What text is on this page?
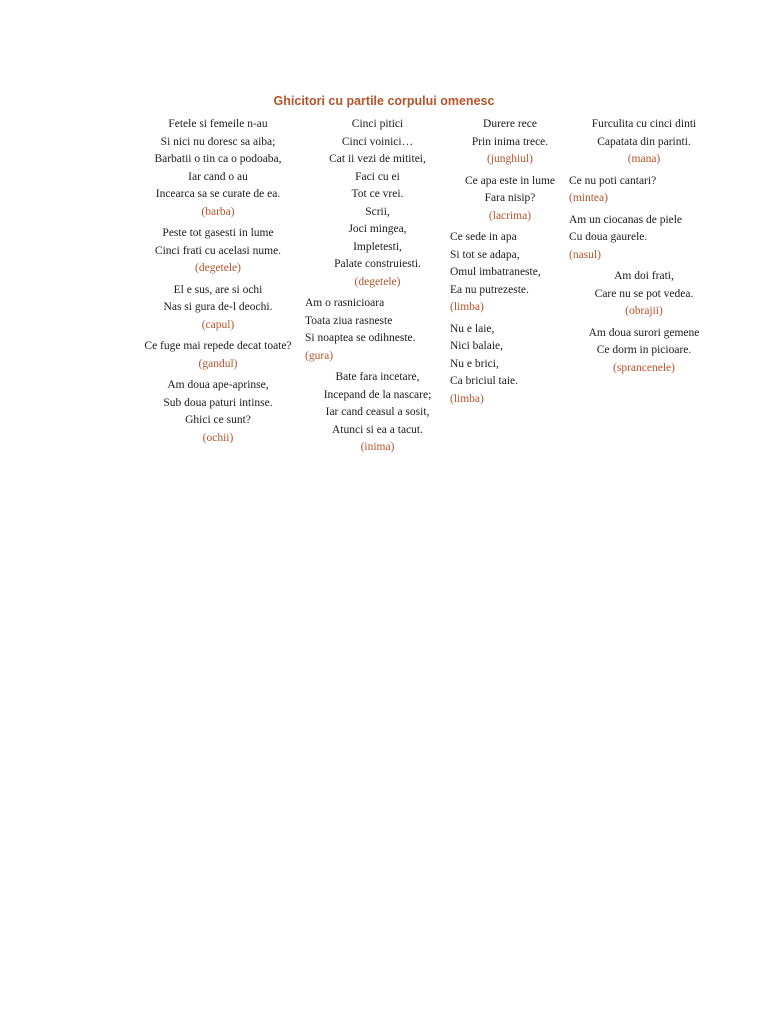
Ghicitori cu partile corpului omenesc
Fetele si femeile n-au
Si nici nu doresc sa aiba;
Barbatii o tin ca o podoaba,
Iar cand o au
Incearca sa se curate de ea.
(barba)
Peste tot gasesti in lume
Cinci frati cu acelasi nume.
(degetele)
El e sus, are si ochi
Nas si gura de-l deochi.
(capul)
Ce fuge mai repede decat toate?
(gandul)
Am doua ape-aprinse,
Sub doua paturi intinse.
Ghici ce sunt?
(ochii)
Cinci pitici
Cinci voinici…
Cat ii vezi de mititei,
Faci cu ei
Tot ce vrei.
Scrii,
Joci mingea,
Impletesti,
Palate construiesti.
(degetele)
Am o rasnicioara
Toata ziua rasneste
Si noaptea se odihneste.
(gura)
Bate fara incetare,
Incepand de la nascare;
Iar cand ceasul a sosit,
Atunci si ea a tacut.
(inima)
Durere rece
Prin inima trece.
(junghiul)
Ce apa este in lume
Fara nisip?
(lacrima)
Ce sede in apa
Si tot se adapa,
Omul imbatraneste,
Ea nu putrezeste.
(limba)
Nu e laie,
Nici balaie,
Nu e brici,
Ca briciul taie.
(limba)
Furculita cu cinci dinti
Capatata din parinti.
(mana)
Ce nu poti cantari?
(mintea)
Am un ciocanas de piele
Cu doua gaurele.
(nasul)
Am doi frati,
Care nu se pot vedea.
(obrajii)
Am doua surori gemene
Ce dorm in picioare.
(sprancenele)
